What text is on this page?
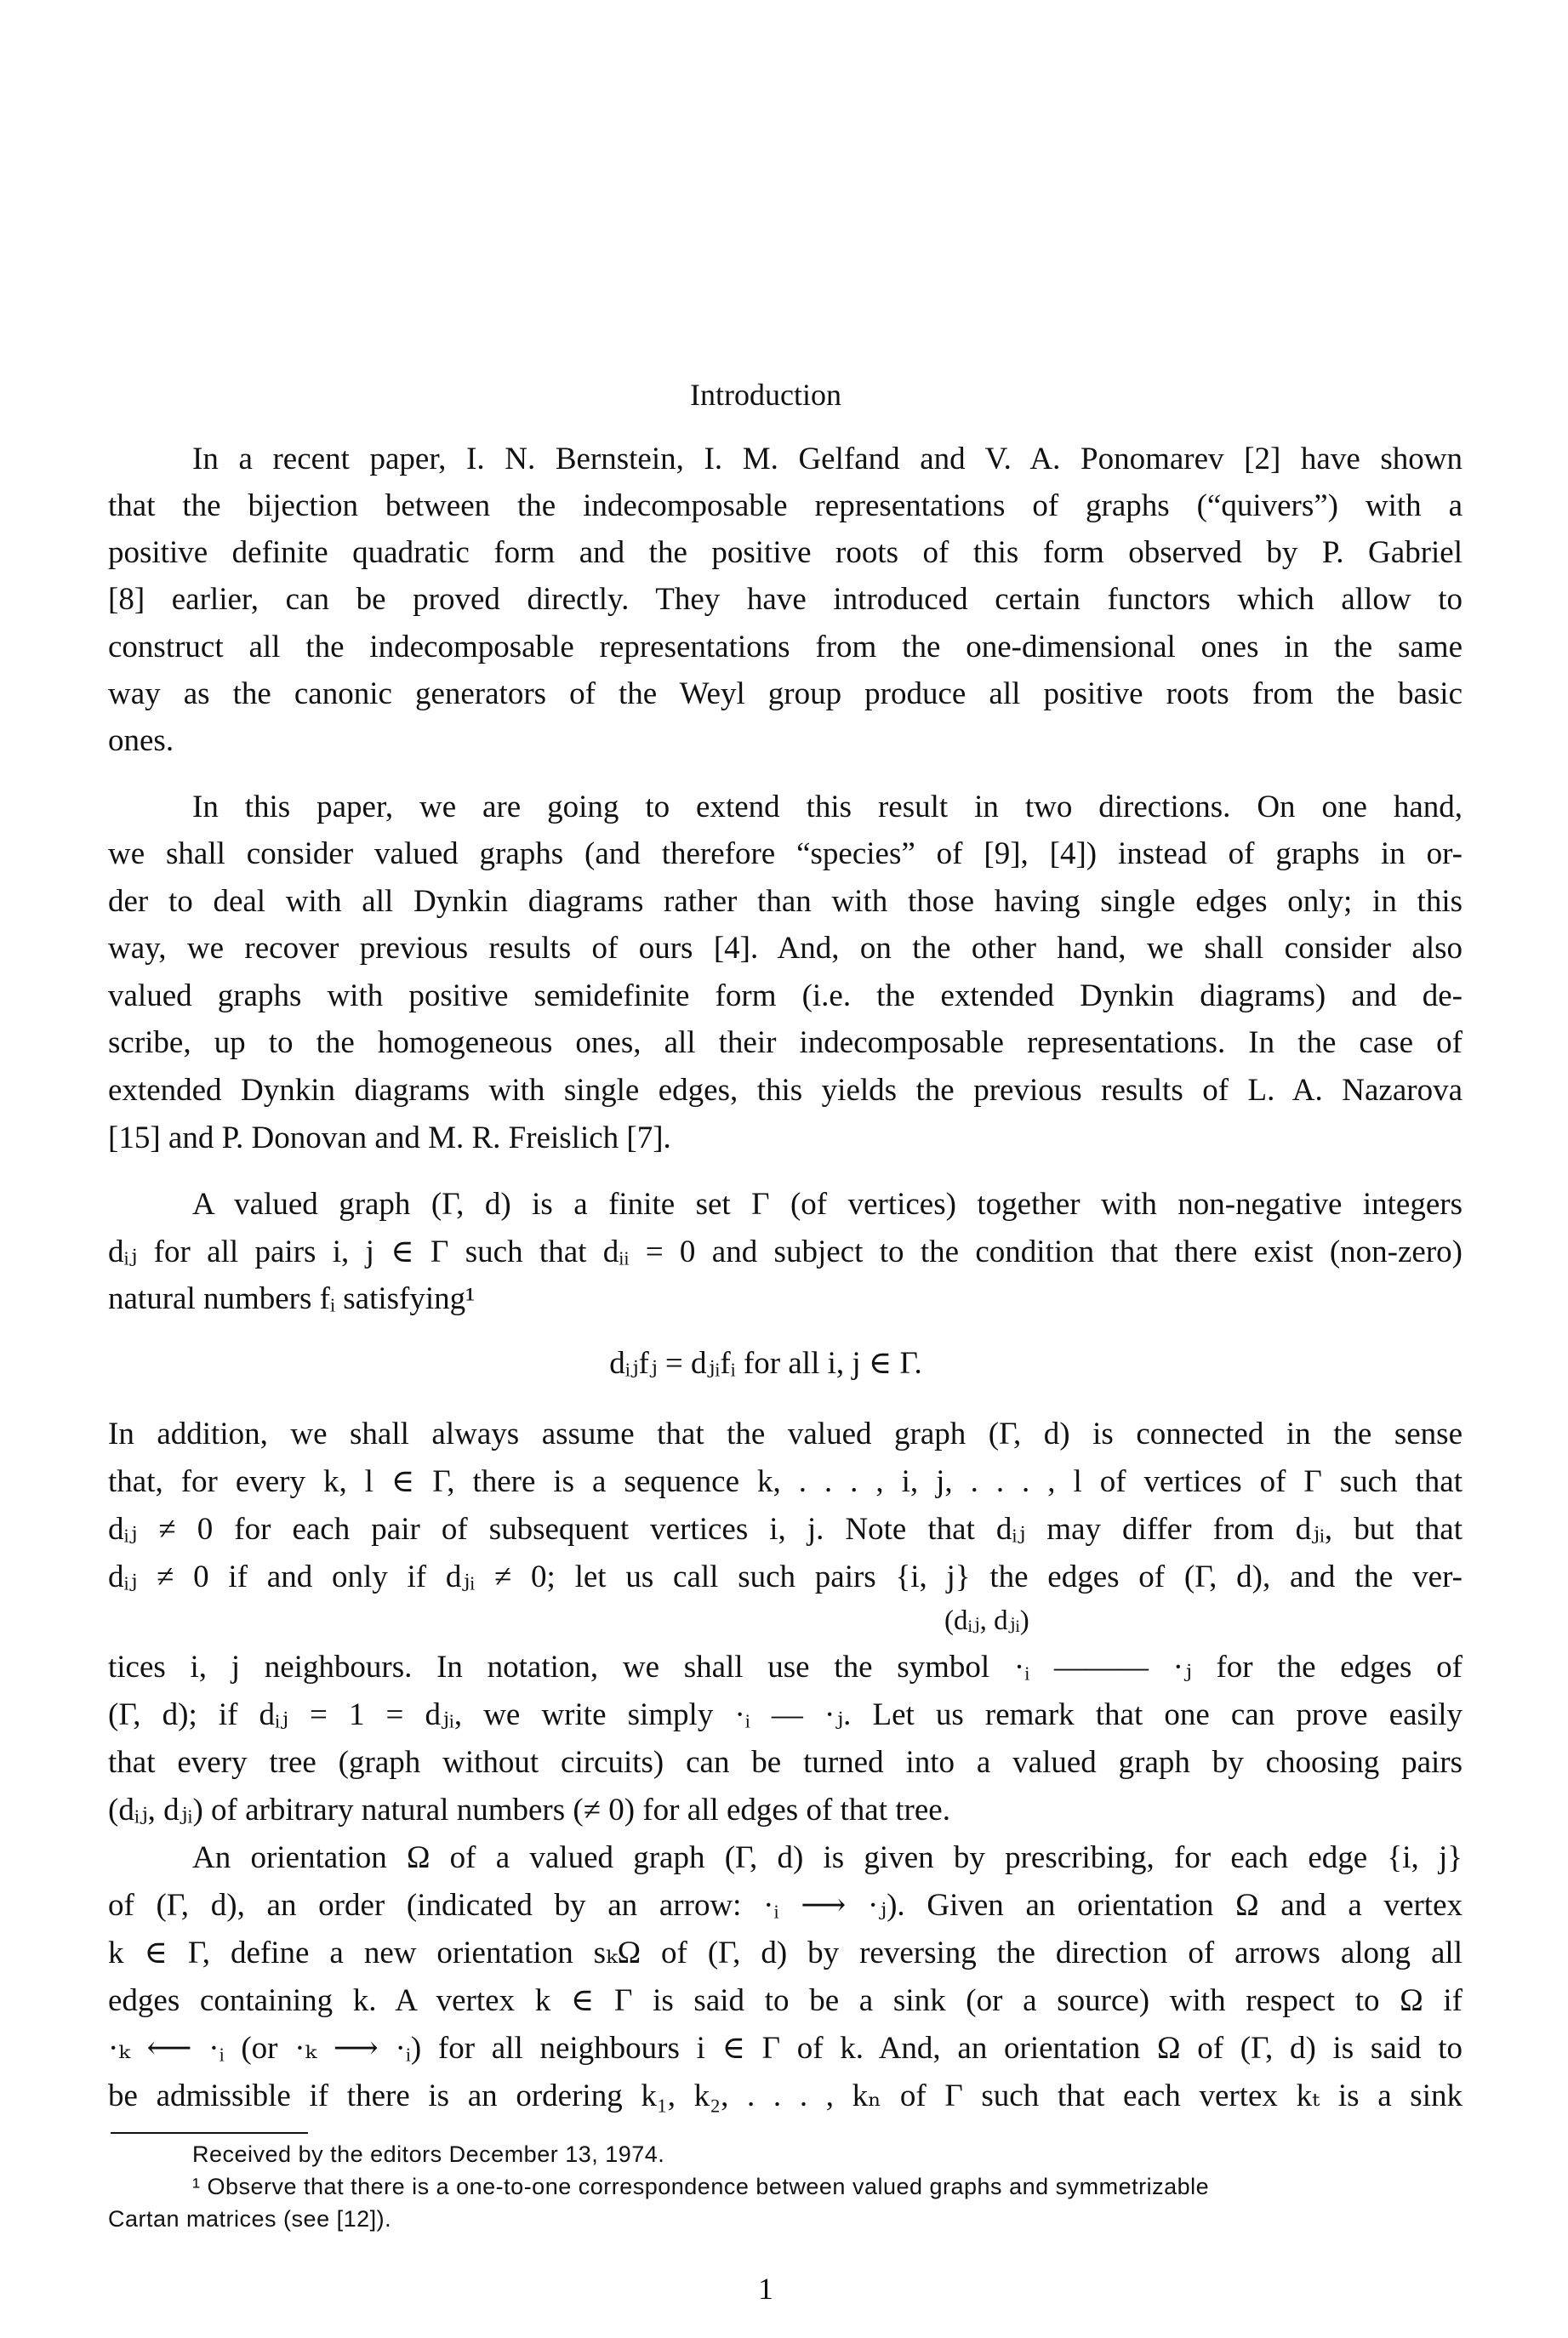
Introduction
In a recent paper, I. N. Bernstein, I. M. Gelfand and V. A. Ponomarev [2] have shown
that the bijection between the indecomposable representations of graphs (“quivers”) with a
positive definite quadratic form and the positive roots of this form observed by P. Gabriel
[8] earlier, can be proved directly. They have introduced certain functors which allow to
construct all the indecomposable representations from the one-dimensional ones in the same
way as the canonic generators of the Weyl group produce all positive roots from the basic
ones.
In this paper, we are going to extend this result in two directions. On one hand,
we shall consider valued graphs (and therefore “species” of [9], [4]) instead of graphs in or-
der to deal with all Dynkin diagrams rather than with those having single edges only; in this
way, we recover previous results of ours [4]. And, on the other hand, we shall consider also
valued graphs with positive semidefinite form (i.e. the extended Dynkin diagrams) and de-
scribe, up to the homogeneous ones, all their indecomposable representations. In the case of
extended Dynkin diagrams with single edges, this yields the previous results of L. A. Nazarova
[15] and P. Donovan and M. R. Freislich [7].
A valued graph (Γ, d) is a finite set Γ (of vertices) together with non-negative integers
dᵢⱼ for all pairs i, j ∈ Γ such that dᵢᵢ = 0 and subject to the condition that there exist (non-zero)
natural numbers fᵢ satisfying¹
dᵢⱼfⱼ = dⱼᵢfᵢ for all i, j ∈ Γ.
In addition, we shall always assume that the valued graph (Γ, d) is connected in the sense
that, for every k, l ∈ Γ, there is a sequence k, . . . , i, j, . . . , l of vertices of Γ such that
dᵢⱼ ≠ 0 for each pair of subsequent vertices i, j. Note that dᵢⱼ may differ from dⱼᵢ, but that
dᵢⱼ ≠ 0 if and only if dⱼᵢ ≠ 0; let us call such pairs {i, j} the edges of (Γ, d), and the ver-
(dᵢⱼ, dⱼᵢ)
tices i, j neighbours. In notation, we shall use the symbol ·ᵢ ——— ·ⱼ for the edges of
(Γ, d); if dᵢⱼ = 1 = dⱼᵢ, we write simply ·ᵢ — ·ⱼ. Let us remark that one can prove easily
that every tree (graph without circuits) can be turned into a valued graph by choosing pairs
(dᵢⱼ, dⱼᵢ) of arbitrary natural numbers (≠ 0) for all edges of that tree.
An orientation Ω of a valued graph (Γ, d) is given by prescribing, for each edge {i, j}
of (Γ, d), an order (indicated by an arrow: ·ᵢ ⟶ ·ⱼ). Given an orientation Ω and a vertex
k ∈ Γ, define a new orientation sₖΩ of (Γ, d) by reversing the direction of arrows along all
edges containing k. A vertex k ∈ Γ is said to be a sink (or a source) with respect to Ω if
·ₖ ⟵ ·ᵢ (or ·ₖ ⟶ ·ᵢ) for all neighbours i ∈ Γ of k. And, an orientation Ω of (Γ, d) is said to
be admissible if there is an ordering k₁, k₂, . . . , kₙ of Γ such that each vertex kₜ is a sink
Received by the editors December 13, 1974.
¹ Observe that there is a one-to-one correspondence between valued graphs and symmetrizable
Cartan matrices (see [12]).
1
